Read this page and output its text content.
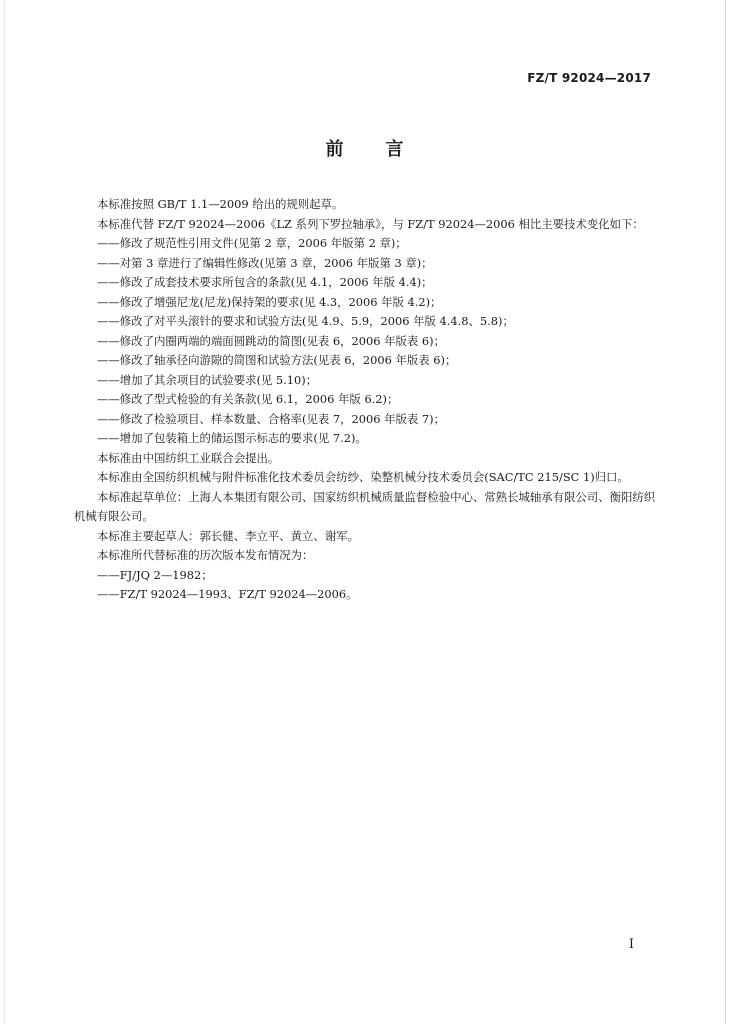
FZ/T 92024—2017
前言

本标准按照 GB/T 1.1—2009 给出的规则起草。

本标准代替 FZ/T 92024—2006《LZ 系列下罗拉轴承》，与 FZ/T 92024—2006 相比主要技术变化如下：

——修改了规范性引用文件(见第 2 章，2006 年版第 2 章)；

——对第 3 章进行了编辑性修改(见第 3 章，2006 年版第 3 章)；

——修改了成套技术要求所包含的条款(见 4.1，2006 年版 4.4)；

——修改了增强尼龙(尼龙)保持架的要求(见 4.3，2006 年版 4.2)；

——修改了对平头滚针的要求和试验方法(见 4.9、5.9，2006 年版 4.4.8、5.8)；

——修改了内圈两端的端面圆跳动的简图(见表 6，2006 年版表 6)；

——修改了轴承径向游隙的简图和试验方法(见表 6，2006 年版表 6)；

——增加了其余项目的试验要求(见 5.10)；

——修改了型式检验的有关条款(见 6.1，2006 年版 6.2)；

——修改了检验项目、样本数量、合格率(见表 7，2006 年版表 7)；

——增加了包装箱上的储运图示标志的要求(见 7.2)。

本标准由中国纺织工业联合会提出。

本标准由全国纺织机械与附件标准化技术委员会纺纱、染整机械分技术委员会(SAC/TC 215/SC 1)归口。

本标准起草单位：上海人本集团有限公司、国家纺织机械质量监督检验中心、常熟长城轴承有限公司、衡阳纺织机械有限公司。

本标准主要起草人：郭长健、李立平、黄立、谢军。

本标准所代替标准的历次版本发布情况为：

——FJ/JQ 2—1982；

——FZ/T 92024—1993、FZ/T 92024—2006。

I
